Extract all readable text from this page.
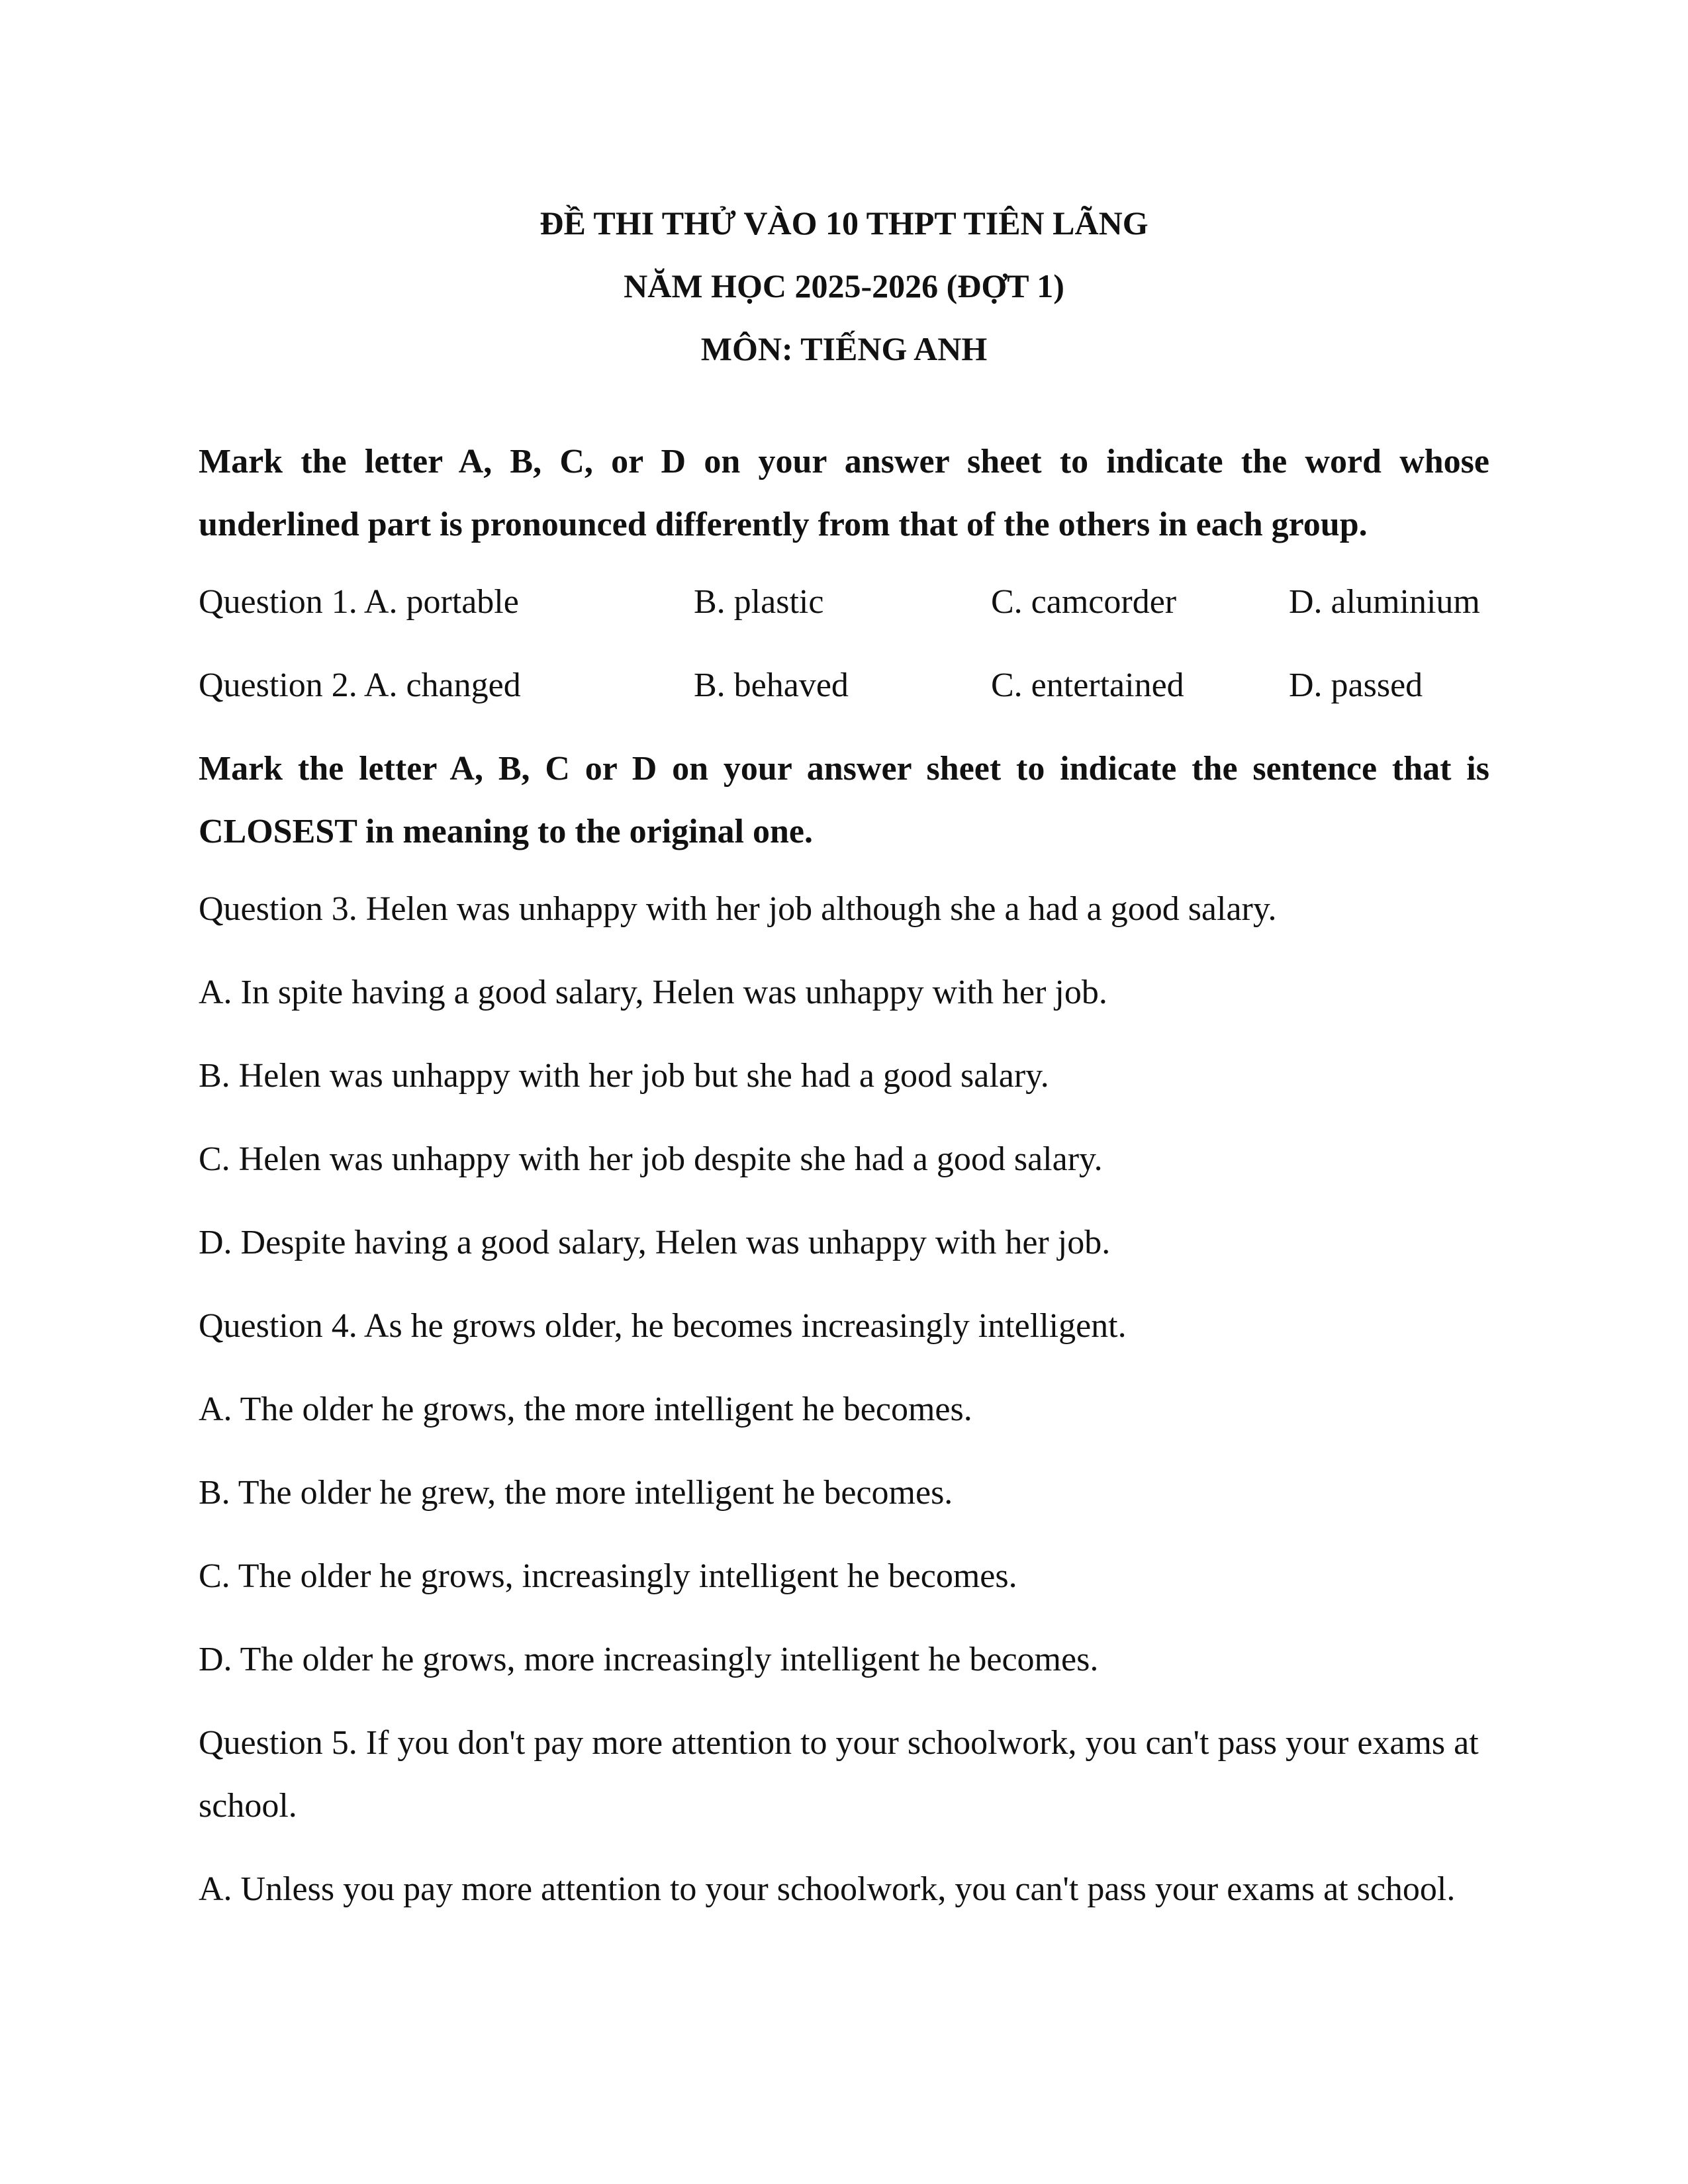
ĐỀ THI THỬ VÀO 10 THPT TIÊN LÃNG
NĂM HỌC 2025-2026 (ĐỢT 1)
MÔN: TIẾNG ANH
Mark the letter A, B, C, or D on your answer sheet to indicate the word whose underlined part is pronounced differently from that of the others in each group.
Question 1. A. portable	B. plastic	C. camcorder	D. aluminium
Question 2. A. changed	B. behaved	C. entertained	D. passed
Mark the letter A, B, C or D on your answer sheet to indicate the sentence that is CLOSEST in meaning to the original one.
Question 3. Helen was unhappy with her job although she a had a good salary.
A. In spite having a good salary, Helen was unhappy with her job.
B. Helen was unhappy with her job but she had a good salary.
C. Helen was unhappy with her job despite she had a good salary.
D. Despite having a good salary, Helen was unhappy with her job.
Question 4. As he grows older, he becomes increasingly intelligent.
A. The older he grows, the more intelligent he becomes.
B. The older he grew, the more intelligent he becomes.
C. The older he grows, increasingly intelligent he becomes.
D. The older he grows, more increasingly intelligent he becomes.
Question 5. If you don't pay more attention to your schoolwork, you can't pass your exams at school.
A. Unless you pay more attention to your schoolwork, you can't pass your exams at school.
